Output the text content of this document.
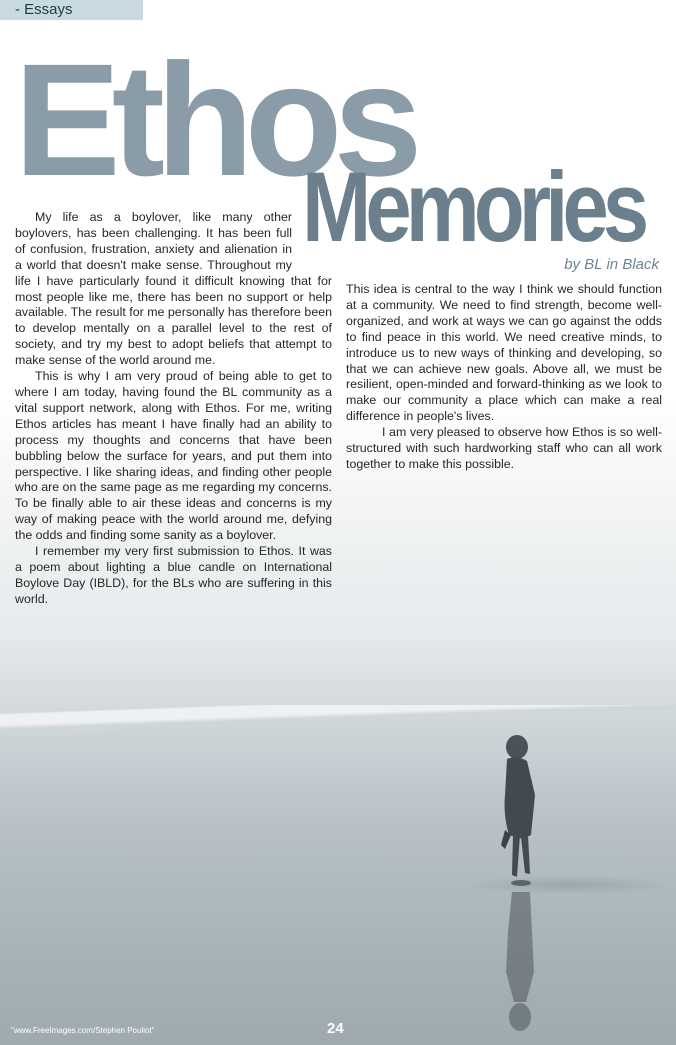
- Essays
Ethos
Memories
by BL in Black

My life as a boylover, like many other boylovers, has been challenging. It has been full of confusion, frustration, anxiety and alienation in a world that doesn't make sense. Throughout my life I have particularly found it difficult knowing that for most people like me, there has been no support or help available. The result for me personally has therefore been to develop mentally on a parallel level to the rest of society, and try my best to adopt beliefs that attempt to make sense of the world around me.

This is why I am very proud of being able to get to where I am today, having found the BL community as a vital support network, along with Ethos. For me, writing Ethos articles has meant I have finally had an ability to process my thoughts and concerns that have been bubbling below the surface for years, and put them into perspective. I like sharing ideas, and finding other people who are on the same page as me regarding my concerns. To be finally able to air these ideas and concerns is my way of making peace with the world around me, defying the odds and finding some sanity as a boylover.

I remember my very first submission to Ethos. It was a poem about lighting a blue candle on International Boylove Day (IBLD), for the BLs who are suffering in this world.

This idea is central to the way I think we should function at a community. We need to find strength, become well-organized, and work at ways we can go against the odds to find peace in this world. We need creative minds, to introduce us to new ways of thinking and developing, so that we can achieve new goals. Above all, we must be resilient, open-minded and forward-thinking as we look to make our community a place which can make a real difference in people's lives.

I am very pleased to observe how Ethos is so well-structured with such hardworking staff who can all work together to make this possible.

"www.FreeImages.com/Stephen Pouliot"	24
